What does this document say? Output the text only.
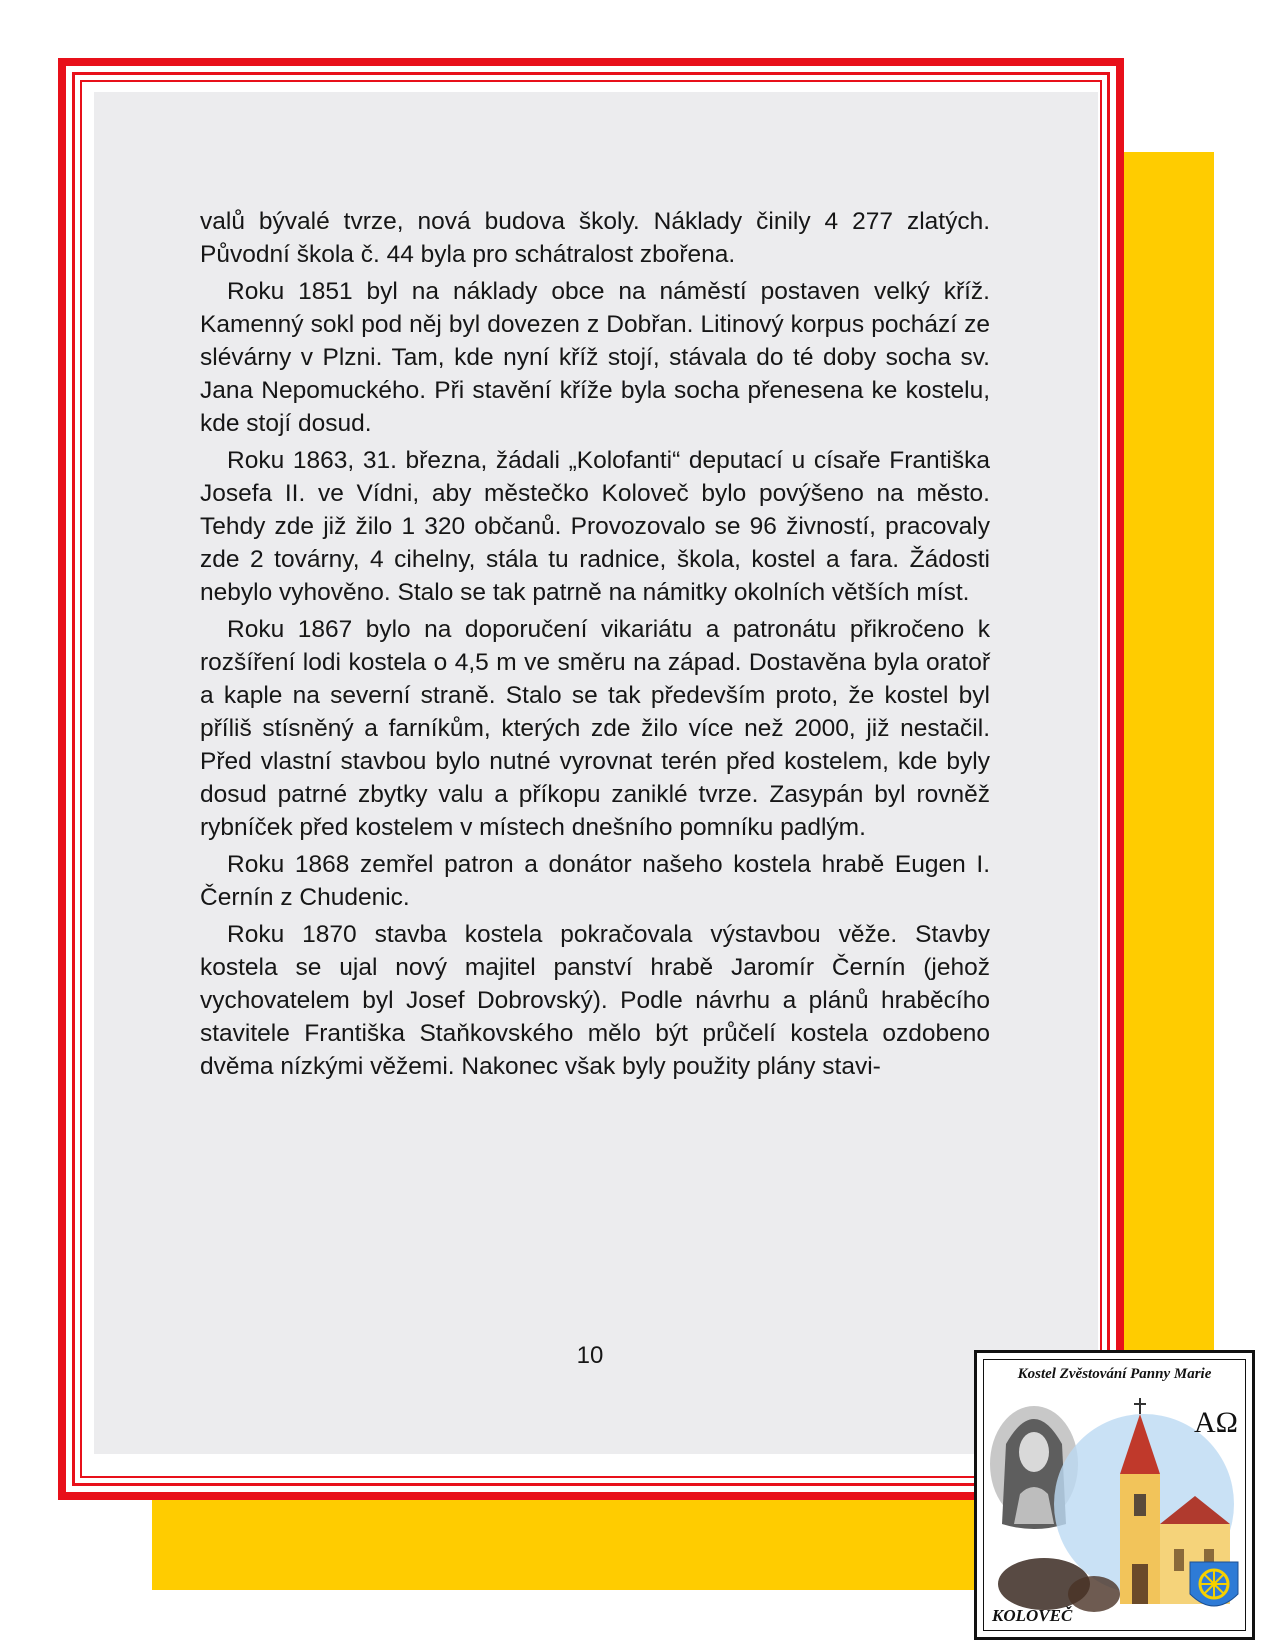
valů bývalé tvrze, nová budova školy. Náklady činily 4 277 zlatých. Původní škola č. 44 byla pro schátralost zbořena.

Roku 1851 byl na náklady obce na náměstí postaven velký kříž. Kamenný sokl pod něj byl dovezen z Dobřan. Litinový korpus pochází ze slévárny v Plzni. Tam, kde nyní kříž stojí, stávala do té doby socha sv. Jana Nepomuckého. Při stavění kříže byla socha přenesena ke kostelu, kde stojí dosud.

Roku 1863, 31. března, žádali „Kolofanti“ deputací u císaře Františka Josefa II. ve Vídni, aby městečko Koloveč bylo povýšeno na město. Tehdy zde již žilo 1 320 občanů. Provozovalo se 96 živností, pracovaly zde 2 továrny, 4 cihelny, stála tu radnice, škola, kostel a fara. Žádosti nebylo vyhověno. Stalo se tak patrně na námitky okolních větších míst.

Roku 1867 bylo na doporučení vikariátu a patronátu přikročeno k rozšíření lodi kostela o 4,5 m ve směru na západ. Dostavěna byla oratoř a kaple na severní straně. Stalo se tak především proto, že kostel byl příliš stísněný a farníkům, kterých zde žilo více než 2000, již nestačil. Před vlastní stavbou bylo nutné vyrovnat terén před kostelem, kde byly dosud patrné zbytky valu a příkopu zaniklé tvrze. Zasypán byl rovněž rybníček před kostelem v místech dnešního pomníku padlým.

Roku 1868 zemřel patron a donátor našeho kostela hrabě Eugen I. Černín z Chudenic.

Roku 1870 stavba kostela pokračovala výstavbou věže. Stavby kostela se ujal nový majitel panství hrabě Jaromír Černín (jehož vychovatelem byl Josef Dobrovský). Podle návrhu a plánů hraběcího stavitele Františka Staňkovského mělo být průčelí kostela ozdobeno dvěma nízkými věžemi. Nakonec však byly použity plány stavi-

10
Kostel Zvěstování Panny Marie
AΩ
KOLOVEČ
